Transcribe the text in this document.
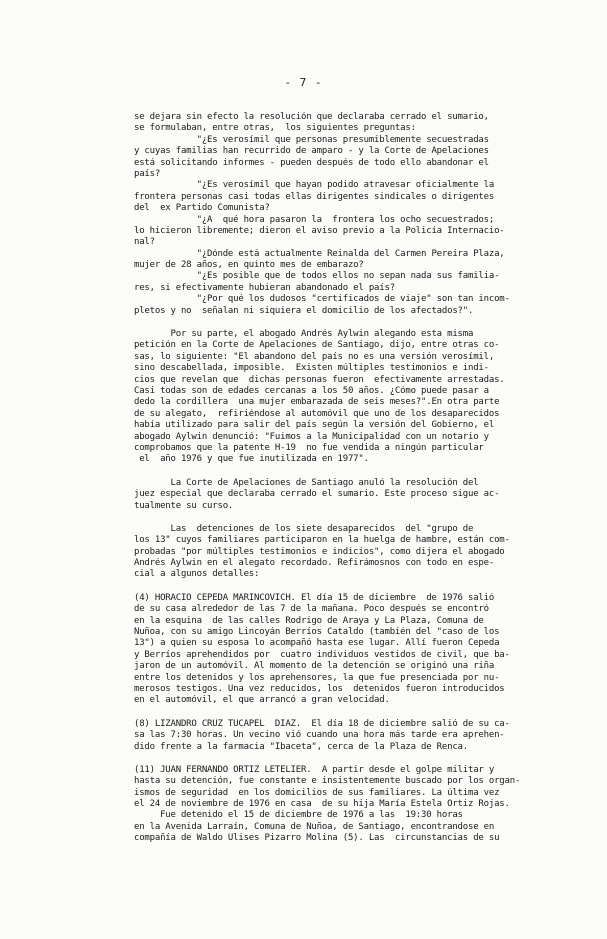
- 7 -
se dejara sin efecto la resolución que declaraba cerrado el sumario,
se formulaban, entre otras,  los siguientes preguntas:
"¿Es verosímil que personas presumiblemente secuestradas
y cuyas familias han recurrido de amparo - y la Corte de Apelaciones
está solicitando informes - pueden después de todo ello abandonar el
país?
"¿Es verosímil que hayan podido atravesar oficialmente la
frontera personas casi todas ellas dirigentes sindicales o dirigentes
del  ex Partido Comunista?
"¿A  qué hora pasaron la  frontera los ocho secuestrados;
lo hicieron libremente; dieron el aviso previo a la Policía Internacio-
nal?
"¿Dónde está actualmente Reinalda del Carmen Pereira Plaza,
mujer de 28 años, en quinto mes de embarazo?
"¿Es posible que de todos ellos no sepan nada sus familia-
res, si efectivamente hubieran abandonado el país?
"¿Por qué los dudosos "certificados de viaje" son tan incom-
pletos y no  señalan ni siquiera el domicilio de los afectados?".
Por su parte, el abogado Andrés Aylwin alegando esta misma
petición en la Corte de Apelaciones de Santiago, dijo, entre otras co-
sas, lo siguiente: "El abandono del país no es una versión verosímil,
sino descabellada, imposible.  Existen múltiples testimonios e indi-
cios que revelan que  dichas personas fueron  efectivamente arrestadas.
Casi todas son de edades cercanas a los 50 años. ¿Cómo puede pasar a
dedo la cordillera  una mujer embarazada de seis meses?".En otra parte
de su alegato,  refiriéndose al automóvil que uno de los desaparecidos
había utilizado para salir del país según la versión del Gobierno, el
abogado Aylwin denunció: "Fuimos a la Municipalidad con un notario y
comprobamos que la patente H-19  no fue vendida a ningún particular
el  año 1976 y que fue inutilizada en 1977".
La Corte de Apelaciones de Santiago anuló la resolución del
juez especial que declaraba cerrado el sumario. Este proceso sigue ac-
tualmente su curso.
Las  detenciones de los siete desaparecidos  del "grupo de
los 13" cuyos familiares participaron en la huelga de hambre, están com-
probadas "por múltiples testimonios e indicios", como dijera el abogado
Andrés Aylwin en el alegato recordado. Refirámosnos con todo en espe-
cial a algunos detalles:
(4) HORACIO CEPEDA MARINCOVICH. El día 15 de diciembre  de 1976 salió
de su casa alrededor de las 7 de la mañana. Poco después se encontró
en la esquina  de las calles Rodrigo de Araya y La Plaza, Comuna de
Ñuñoa, con su amigo Lincoyán Berríos Cataldo (también del "caso de los
13") a quien su esposa lo acompañó hasta ese lugar. Allí fueron Cepeda
y Berríos aprehendidos por  cuatro individuos vestidos de civil, que ba-
jaron de un automóvil. Al momento de la detención se originó una riña
entre los detenidos y los aprehensores, la que fue presenciada por nu-
merosos testigos. Una vez reducidos, los  detenidos fueron introducidos
en el automóvil, el que arrancó a gran velocidad.
(8) LIZANDRO CRUZ TUCAPEL  DIAZ.  El día 18 de diciembre salió de su ca-
sa las 7:30 horas. Un vecino vió cuando una hora más tarde era aprehen-
dido frente a la farmacia "Ibaceta", cerca de la Plaza de Renca.
(11) JUAN FERNANDO ORTIZ LETELIER.  A partir desde el golpe militar y
hasta su detención, fue constante e insistentemente buscado por los organ-
ismos de seguridad  en los domicilios de sus familiares. La última vez
el 24 de noviembre de 1976 en casa  de su hija María Estela Ortiz Rojas.
Fue detenido el 15 de diciembre de 1976 a las  19:30 horas
en la Avenida Larraín, Comuna de Ñuñoa, de Santiago, encontrandose en
compañía de Waldo Ulises Pizarro Molina (5). Las  circunstancias de su
